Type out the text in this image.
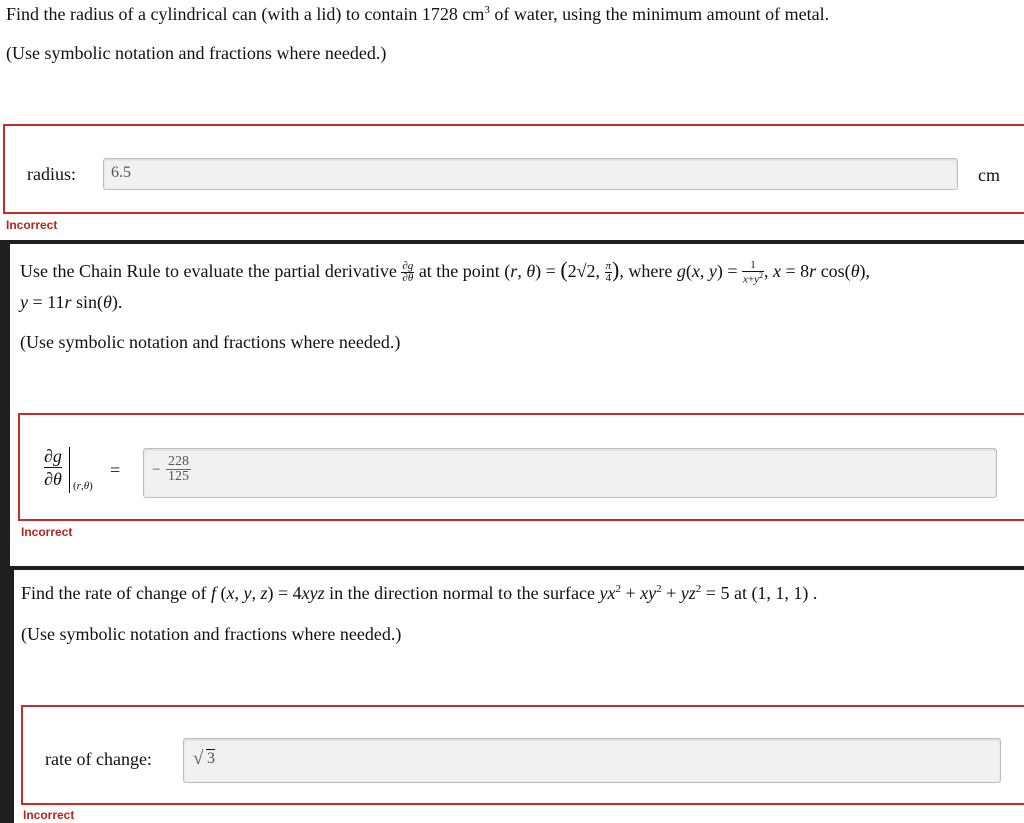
Find the radius of a cylindrical can (with a lid) to contain 1728 $cm^3$ of water, using the minimum amount of metal.
(Use symbolic notation and fractions where needed.)
radius: 6.5	cm
Incorrect
Use the Chain Rule to evaluate the partial derivative $\frac{\partial g}{\partial\theta}$ at the point (r, θ) = (2√2, $\frac{\pi}{4}$ ), where g(x, $y) = \frac{1}{x+y^2}$ , x = 8r cos(θ),
y = 11r sin(θ).
(Use symbolic notation and fractions where needed.)
∂g
∂θ (r,θ)
= − $\frac{228}{125}$
Incorrect
Find the rate of change of f (x, y, z) = 4xyz in the direction normal to the surface $yx^2 + xy^2 + yz^2 = 5$ at (1, 1, 1) .
(Use symbolic notation and fractions where needed.)
rate of change: √ 3
Incorrect
